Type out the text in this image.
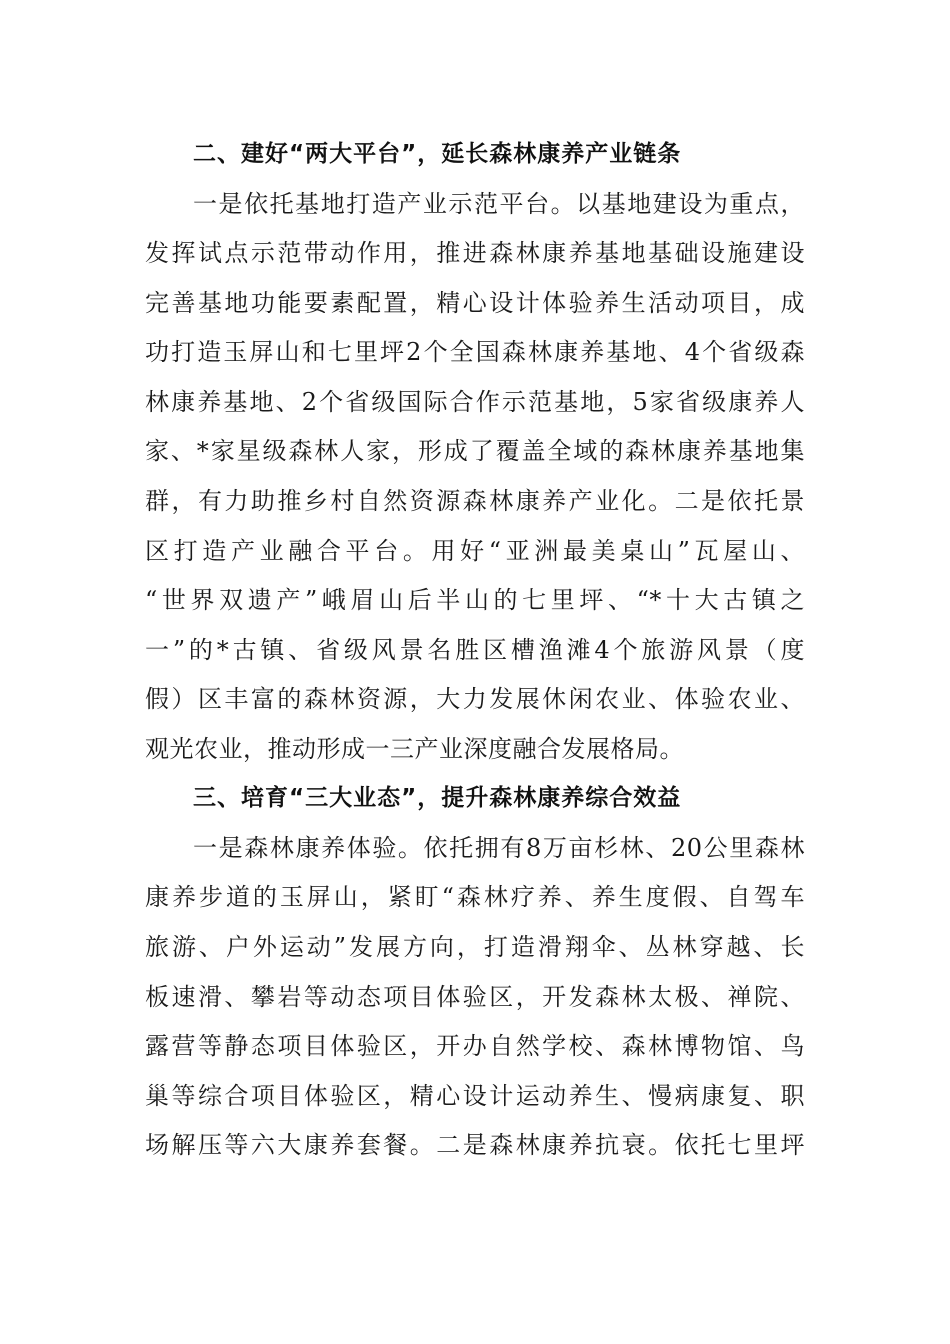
二、建好“两大平台”，延长森林康养产业链条
一是依托基地打造产业示范平台。以基地建设为重点，
发挥试点示范带动作用，推进森林康养基地基础设施建设
完善基地功能要素配置，精心设计体验养生活动项目，成
功打造玉屏山和七里坪2个全国森林康养基地、4个省级森
林康养基地、2个省级国际合作示范基地，5家省级康养人
家、*家星级森林人家，形成了覆盖全域的森林康养基地集
群，有力助推乡村自然资源森林康养产业化。二是依托景
区打造产业融合平台。用好“亚洲最美桌山”瓦屋山、
“世界双遗产”峨眉山后半山的七里坪、“*十大古镇之
一”的*古镇、省级风景名胜区槽渔滩4个旅游风景（度
假）区丰富的森林资源，大力发展休闲农业、体验农业、
观光农业，推动形成一三产业深度融合发展格局。
三、培育“三大业态”，提升森林康养综合效益
一是森林康养体验。依托拥有8万亩杉林、20公里森林
康养步道的玉屏山，紧盯“森林疗养、养生度假、自驾车
旅游、户外运动”发展方向，打造滑翔伞、丛林穿越、长
板速滑、攀岩等动态项目体验区，开发森林太极、禅院、
露营等静态项目体验区，开办自然学校、森林博物馆、鸟
巢等综合项目体验区，精心设计运动养生、慢病康复、职
场解压等六大康养套餐。二是森林康养抗衰。依托七里坪
